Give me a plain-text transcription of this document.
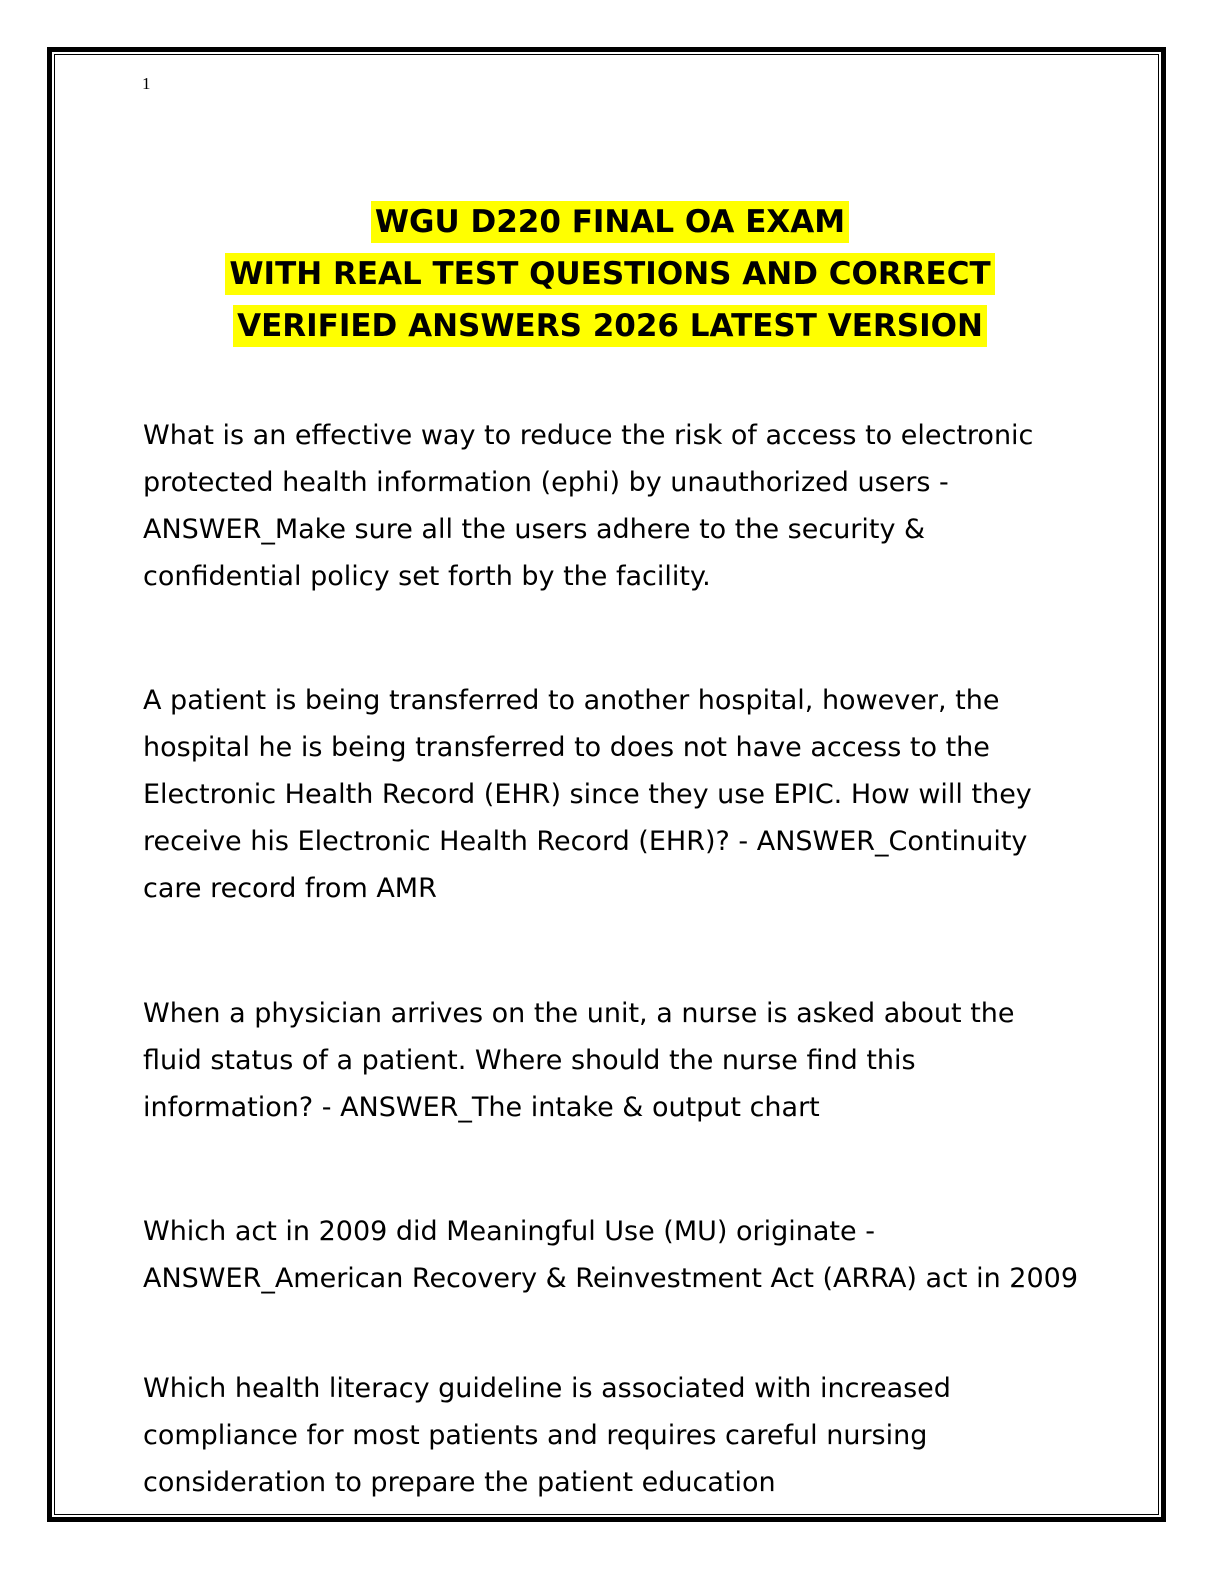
1
WGU D220 FINAL OA EXAM
WITH REAL TEST QUESTIONS AND CORRECT
VERIFIED ANSWERS 2026 LATEST VERSION

What is an effective way to reduce the risk of access to electronic protected health information (ephi) by unauthorized users - ANSWER_Make sure all the users adhere to the security & confidential policy set forth by the facility.

A patient is being transferred to another hospital, however, the hospital he is being transferred to does not have access to the Electronic Health Record (EHR) since they use EPIC. How will they receive his Electronic Health Record (EHR)? - ANSWER_Continuity care record from AMR

When a physician arrives on the unit, a nurse is asked about the fluid status of a patient. Where should the nurse find this information? - ANSWER_The intake & output chart

Which act in 2009 did Meaningful Use (MU) originate - ANSWER_American Recovery & Reinvestment Act (ARRA) act in 2009

Which health literacy guideline is associated with increased compliance for most patients and requires careful nursing consideration to prepare the patient education
